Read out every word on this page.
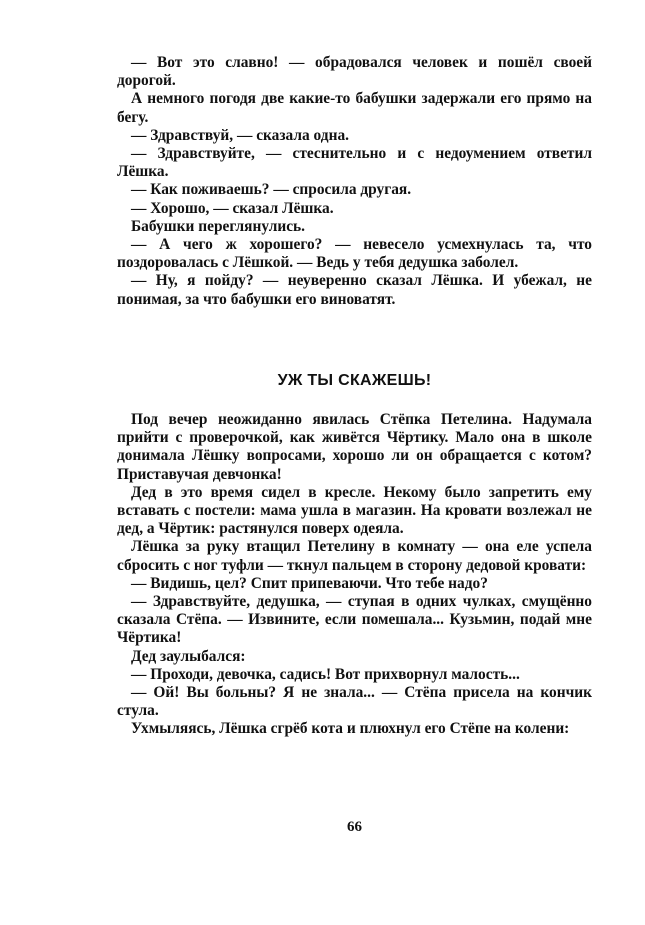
— Вот это славно! — обрадовался человек и пошёл своей дорогой.

А немного погодя две какие-то бабушки задержали его прямо на бегу.

— Здравствуй, — сказала одна.

— Здравствуйте, — стеснительно и с недоумением ответил Лёшка.

— Как поживаешь? — спросила другая.

— Хорошо, — сказал Лёшка.

Бабушки переглянулись.

— А чего ж хорошего? — невесело усмехнулась та, что поздоровалась с Лёшкой. — Ведь у тебя дедушка заболел.

— Ну, я пойду? — неуверенно сказал Лёшка. И убежал, не понимая, за что бабушки его виноватят.

УЖ ТЫ СКАЖЕШЬ!

Под вечер неожиданно явилась Стёпка Петелина. Надумала прийти с проверочкой, как живётся Чёртику. Мало она в школе донимала Лёшку вопросами, хорошо ли он обращается с котом? Приставучая девчонка!

Дед в это время сидел в кресле. Некому было запретить ему вставать с постели: мама ушла в магазин. На кровати возлежал не дед, а Чёртик: растянулся поверх одеяла.

Лёшка за руку втащил Петелину в комнату — она еле успела сбросить с ног туфли — ткнул пальцем в сторону дедовой кровати:

— Видишь, цел? Спит припеваючи. Что тебе надо?

— Здравствуйте, дедушка, — ступая в одних чулках, смущённо сказала Стёпа. — Извините, если помешала... Кузьмин, подай мне Чёртика!

Дед заулыбался:

— Проходи, девочка, садись! Вот прихворнул малость...

— Ой! Вы больны? Я не знала... — Стёпа присела на кончик стула.

Ухмыляясь, Лёшка сгрёб кота и плюхнул его Стёпе на колени:

66
